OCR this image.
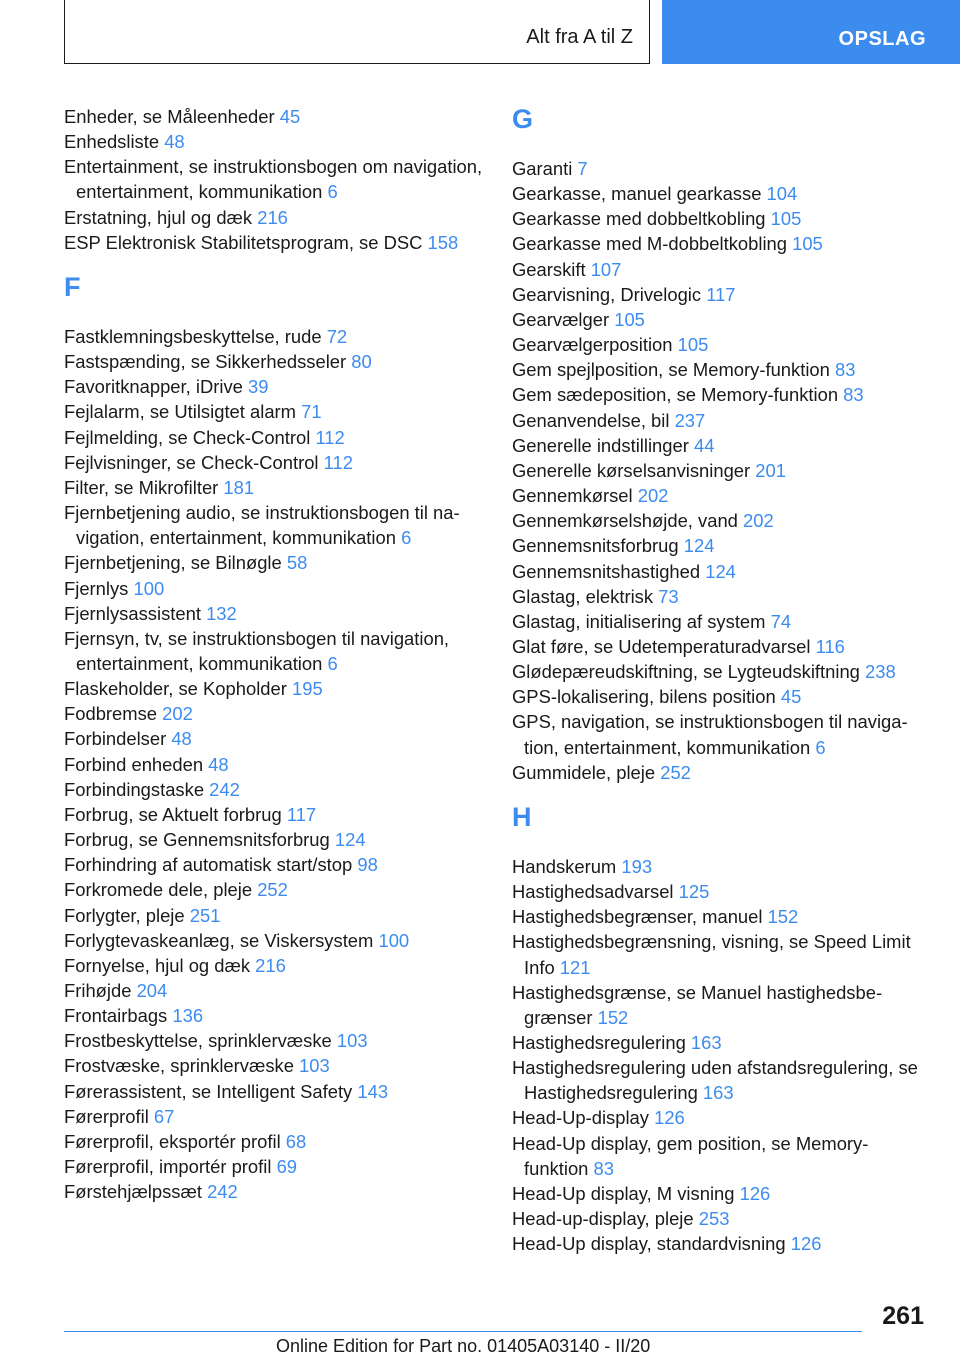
Alt fra A til Z	OPSLAG
Enheder, se Måleenheder 45
Enhedsliste 48
Entertainment, se instruktionsbogen om navigation, entertainment, kommunikation 6
Erstatning, hjul og dæk 216
ESP Elektronisk Stabilitetsprogram, se DSC 158
F
Fastklemningsbeskyttelse, rude 72
Fastspænding, se Sikkerhedsseler 80
Favoritknapper, iDrive 39
Fejlalarm, se Utilsigtet alarm 71
Fejlmelding, se Check-Control 112
Fejlvisninger, se Check-Control 112
Filter, se Mikrofilter 181
Fjernbetjening audio, se instruktionsbogen til navigation, entertainment, kommunikation 6
Fjernbetjening, se Bilnøgle 58
Fjernlys 100
Fjernlysassistent 132
Fjernsyn, tv, se instruktionsbogen til navigation, entertainment, kommunikation 6
Flaskeholder, se Kopholder 195
Fodbremse 202
Forbindelser 48
Forbind enheden 48
Forbindingstaske 242
Forbrug, se Aktuelt forbrug 117
Forbrug, se Gennemsnitsforbrug 124
Forhindring af automatisk start/stop 98
Forkromede dele, pleje 252
Forlygter, pleje 251
Forlygtevaskeanlæg, se Viskersystem 100
Fornyelse, hjul og dæk 216
Frihøjde 204
Frontairbags 136
Frostbeskyttelse, sprinklervæske 103
Frostvæske, sprinklervæske 103
Førerassistent, se Intelligent Safety 143
Førerprofil 67
Førerprofil, eksportér profil 68
Førerprofil, importér profil 69
Førstehjælpssæt 242
G
Garanti 7
Gearkasse, manuel gearkasse 104
Gearkasse med dobbeltkobling 105
Gearkasse med M-dobbeltkobling 105
Gearskift 107
Gearvisning, Drivelogic 117
Gearvælger 105
Gearvælgerposition 105
Gem spejlposition, se Memory-funktion 83
Gem sædeposition, se Memory-funktion 83
Genanvendelse, bil 237
Generelle indstillinger 44
Generelle kørselsanvisninger 201
Gennemkørsel 202
Gennemkørselshøjde, vand 202
Gennemsnitsforbrug 124
Gennemsnitshastighed 124
Glastag, elektrisk 73
Glastag, initialisering af system 74
Glat føre, se Udetemperaturadvarsel 116
Glødepæreudskiftning, se Lygteudskiftning 238
GPS-lokalisering, bilens position 45
GPS, navigation, se instruktionsbogen til navigation, entertainment, kommunikation 6
Gummidele, pleje 252
H
Handskerum 193
Hastighedsadvarsel 125
Hastighedsbegrænser, manuel 152
Hastighedsbegrænsning, visning, se Speed Limit Info 121
Hastighedsgrænse, se Manuel hastighedsbegrænser 152
Hastighedsregulering 163
Hastighedsregulering uden afstandsregulering, se Hastighedsregulering 163
Head-Up-display 126
Head-Up display, gem position, se Memory-funktion 83
Head-Up display, M visning 126
Head-up-display, pleje 253
Head-Up display, standardvisning 126
261
Online Edition for Part no. 01405A03140 - II/20
